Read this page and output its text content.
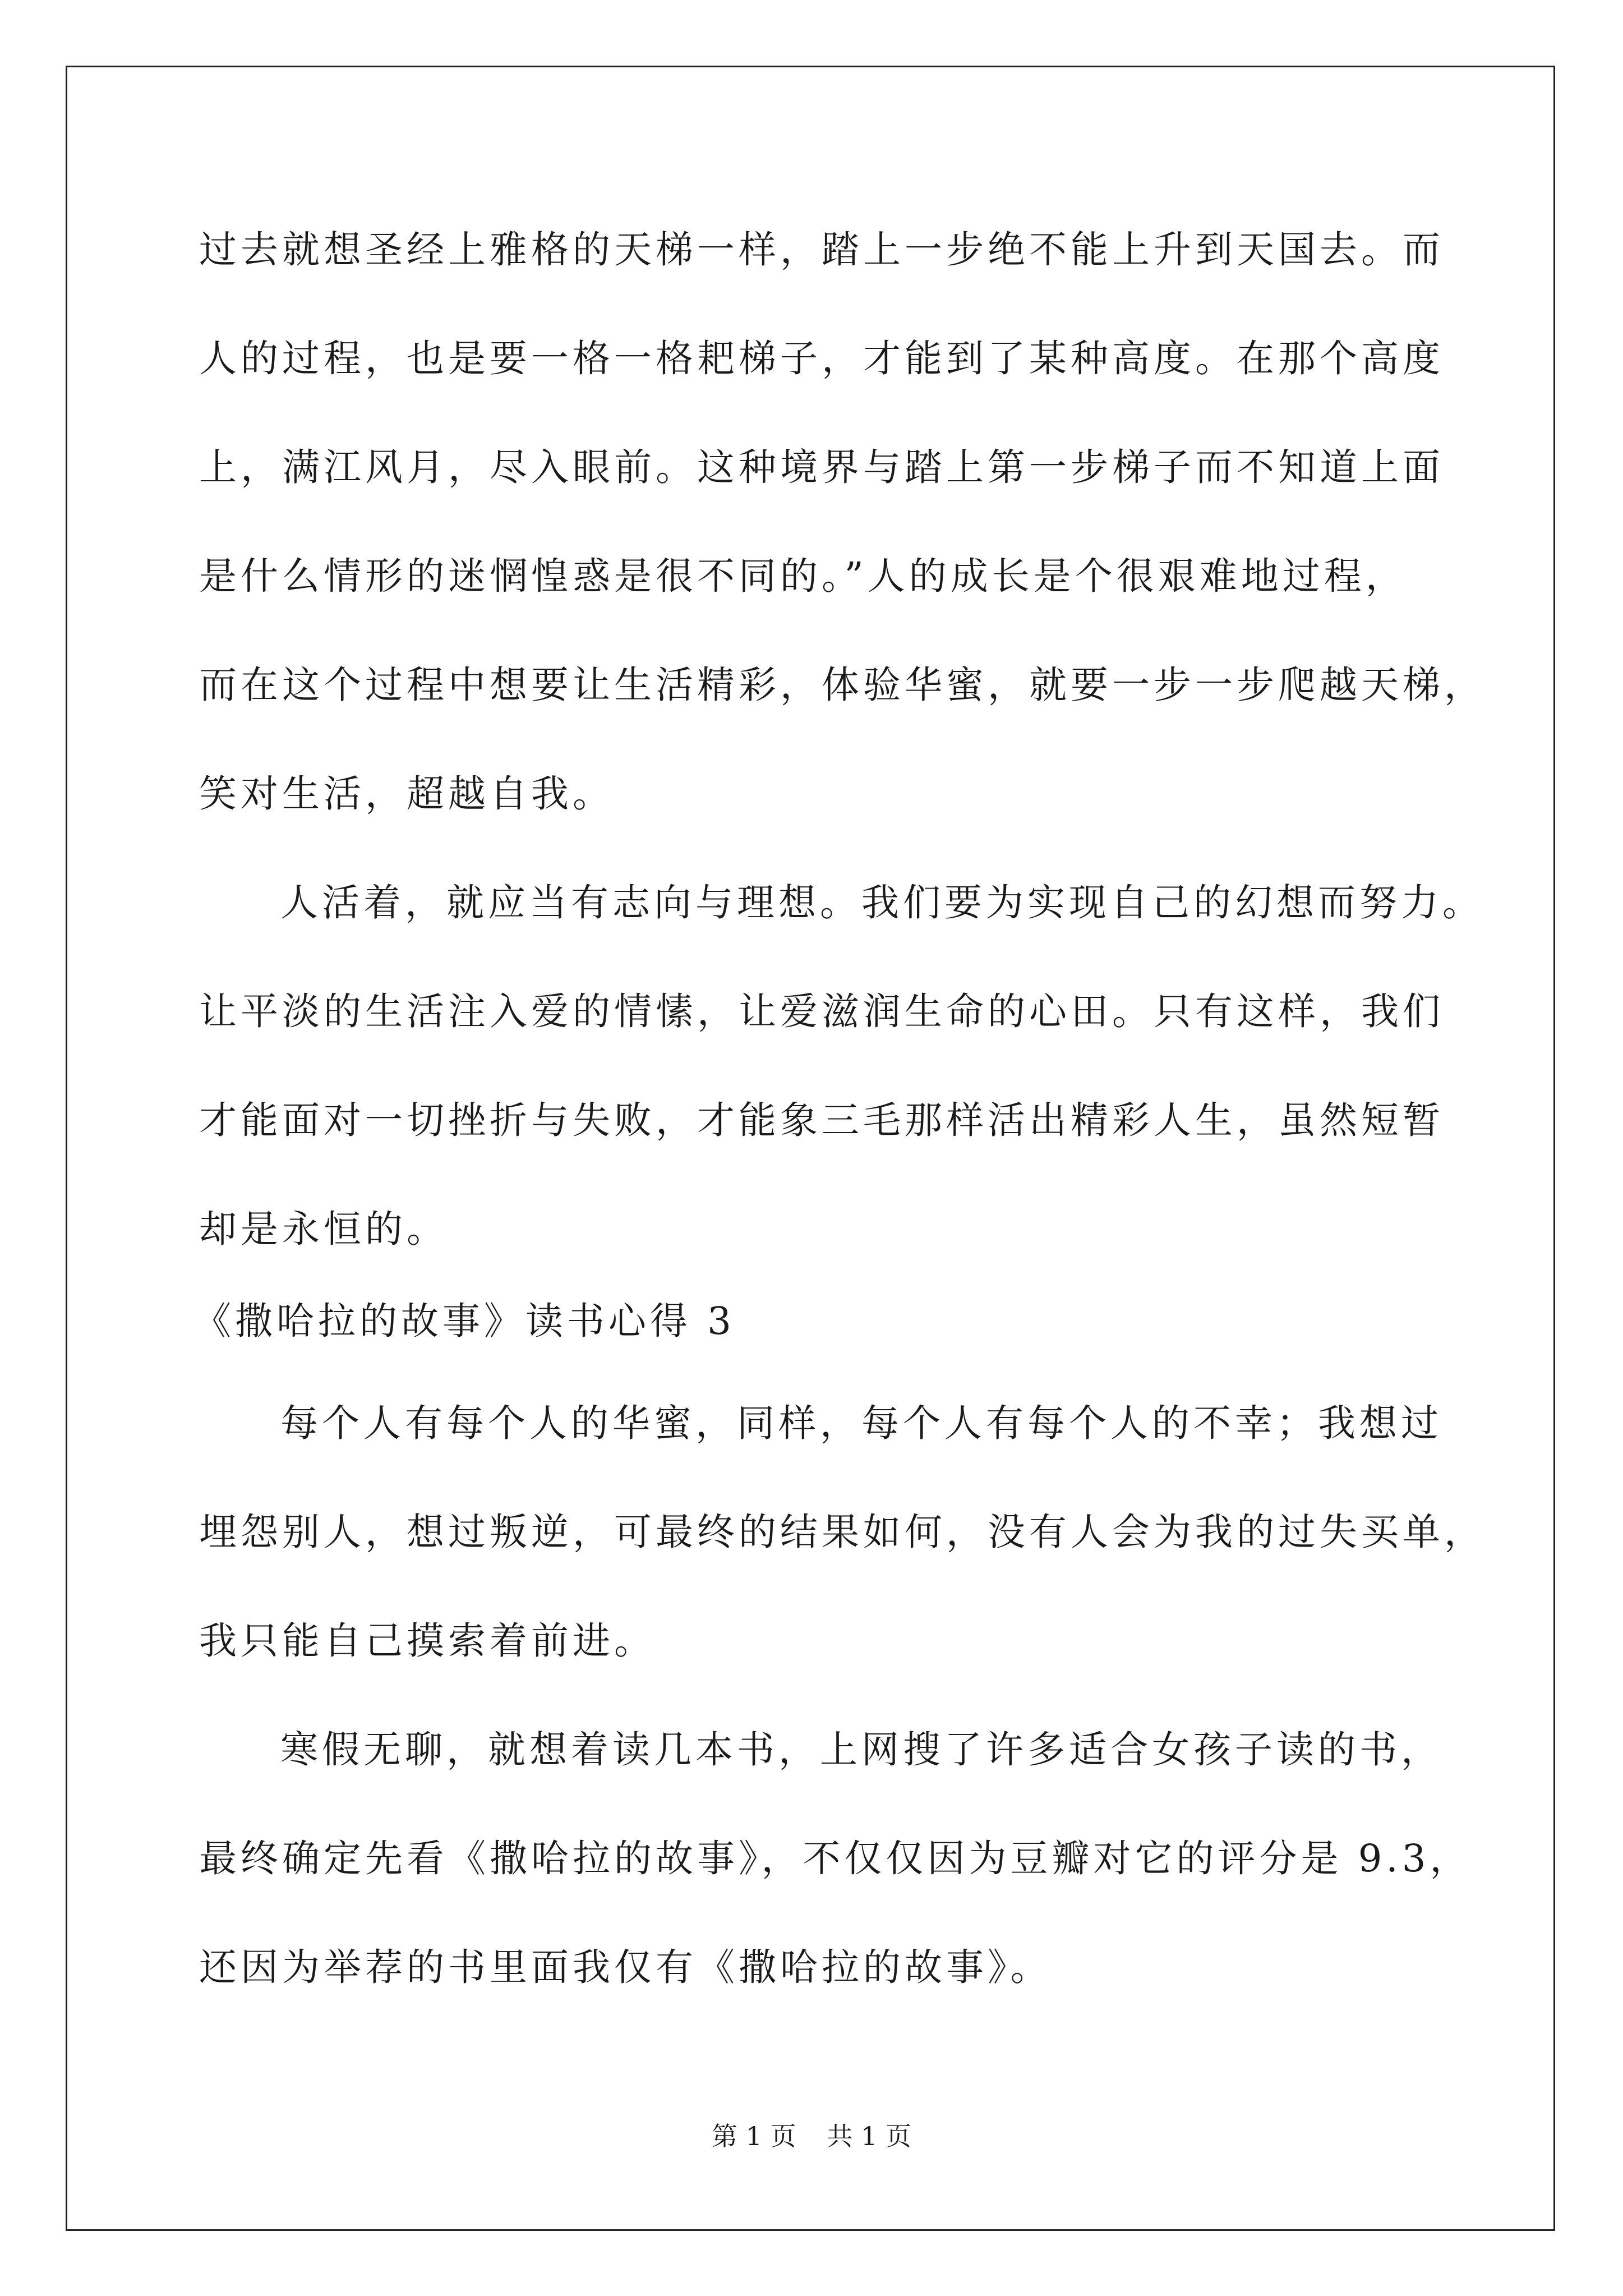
过去就想圣经上雅格的天梯一样，踏上一步绝不能上升到天国去。而
人的过程，也是要一格一格耙梯子，才能到了某种高度。在那个高度
上，满江风月，尽入眼前。这种境界与踏上第一步梯子而不知道上面
是什么情形的迷惘惶惑是很不同的。”人的成长是个很艰难地过程，
而在这个过程中想要让生活精彩，体验华蜜，就要一步一步爬越天梯，
笑对生活，超越自我。
人活着，就应当有志向与理想。我们要为实现自己的幻想而努力。
让平淡的生活注入爱的情愫，让爱滋润生命的心田。只有这样，我们
才能面对一切挫折与失败，才能象三毛那样活出精彩人生，虽然短暂
却是永恒的。
《撒哈拉的故事》读书心得 3
每个人有每个人的华蜜，同样，每个人有每个人的不幸；我想过
埋怨别人，想过叛逆，可最终的结果如何，没有人会为我的过失买单，
我只能自己摸索着前进。
寒假无聊，就想着读几本书，上网搜了许多适合女孩子读的书，
最终确定先看《撒哈拉的故事》，不仅仅因为豆瓣对它的评分是 9.3，
还因为举荐的书里面我仅有《撒哈拉的故事》。
第 1 页 共 1 页
